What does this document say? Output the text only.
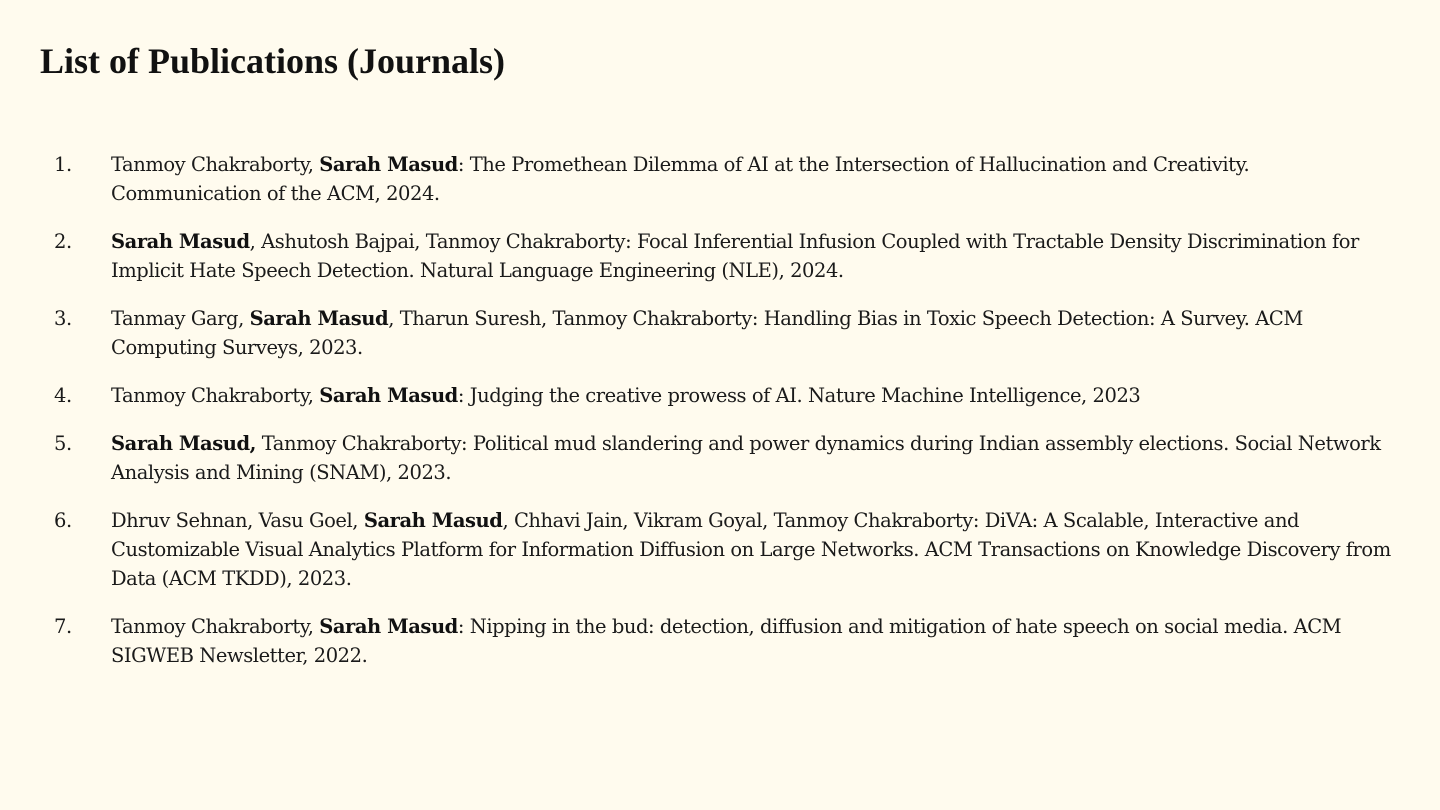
List of Publications (Journals)
1. Tanmoy Chakraborty, Sarah Masud: The Promethean Dilemma of AI at the Intersection of Hallucination and Creativity. Communication of the ACM, 2024.
2. Sarah Masud, Ashutosh Bajpai, Tanmoy Chakraborty: Focal Inferential Infusion Coupled with Tractable Density Discrimination for Implicit Hate Speech Detection. Natural Language Engineering (NLE), 2024.
3. Tanmay Garg, Sarah Masud, Tharun Suresh, Tanmoy Chakraborty: Handling Bias in Toxic Speech Detection: A Survey. ACM Computing Surveys, 2023.
4. Tanmoy Chakraborty, Sarah Masud: Judging the creative prowess of AI. Nature Machine Intelligence, 2023
5. Sarah Masud, Tanmoy Chakraborty: Political mud slandering and power dynamics during Indian assembly elections. Social Network Analysis and Mining (SNAM), 2023.
6. Dhruv Sehnan, Vasu Goel, Sarah Masud, Chhavi Jain, Vikram Goyal, Tanmoy Chakraborty: DiVA: A Scalable, Interactive and Customizable Visual Analytics Platform for Information Diffusion on Large Networks. ACM Transactions on Knowledge Discovery from Data (ACM TKDD), 2023.
7. Tanmoy Chakraborty, Sarah Masud: Nipping in the bud: detection, diffusion and mitigation of hate speech on social media. ACM SIGWEB Newsletter, 2022.
